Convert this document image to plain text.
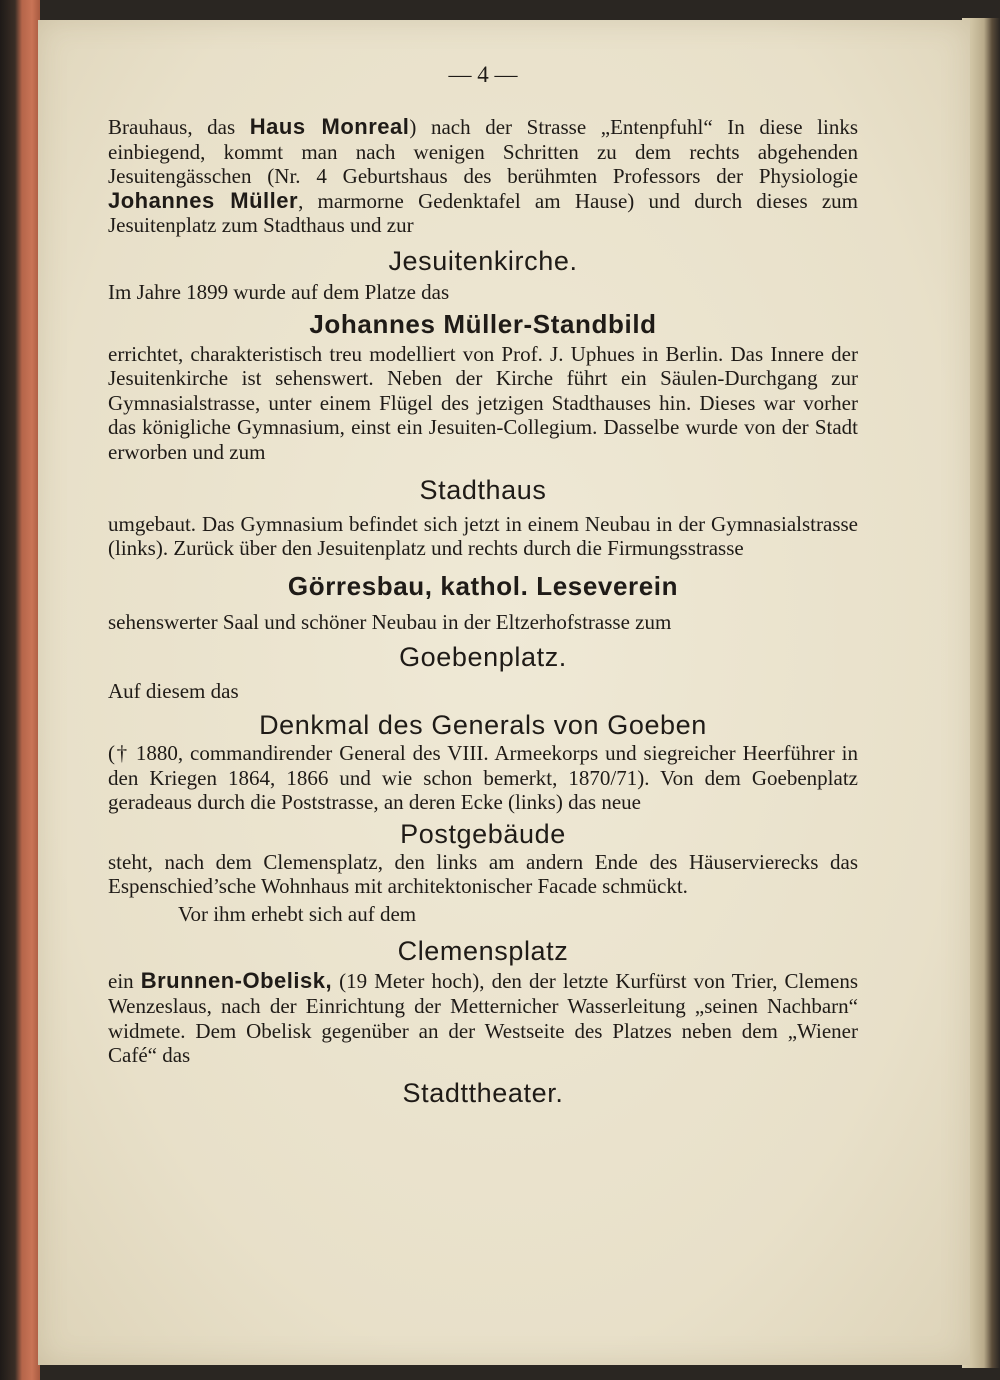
— 4 —

Brauhaus, das Haus Monreal) nach der Strasse „Entenpfuhl“ In diese links einbiegend, kommt man nach wenigen Schritten zu dem rechts abgehenden Jesuitengässchen (Nr. 4 Geburtshaus des berühmten Professors der Physiologie Johannes Müller, marmorne Gedenktafel am Hause) und durch dieses zum Jesuitenplatz zum Stadthaus und zur

Jesuitenkirche.

Im Jahre 1899 wurde auf dem Platze das

Johannes Müller-Standbild

errichtet, charakteristisch treu modelliert von Prof. J. Uphues in Berlin. Das Innere der Jesuitenkirche ist sehenswert. Neben der Kirche führt ein Säulen-Durchgang zur Gymnasialstrasse, unter einem Flügel des jetzigen Stadthauses hin. Dieses war vorher das königliche Gymnasium, einst ein Jesuiten-Collegium. Dasselbe wurde von der Stadt erworben und zum

Stadthaus

umgebaut. Das Gymnasium befindet sich jetzt in einem Neubau in der Gymnasialstrasse (links). Zurück über den Jesuitenplatz und rechts durch die Firmungsstrasse

Görresbau, kathol. Leseverein

sehenswerter Saal und schöner Neubau in der Eltzerhofstrasse zum

Goebenplatz.

Auf diesem das

Denkmal des Generals von Goeben

(† 1880, commandirender General des VIII. Armeekorps und siegreicher Heerführer in den Kriegen 1864, 1866 und wie schon bemerkt, 1870/71). Von dem Goebenplatz geradeaus durch die Poststrasse, an deren Ecke (links) das neue

Postgebäude

steht, nach dem Clemensplatz, den links am andern Ende des Häuservierecks das Espenschied’sche Wohnhaus mit architektonischer Facade schmückt.

Vor ihm erhebt sich auf dem

Clemensplatz

ein Brunnen-Obelisk, (19 Meter hoch), den der letzte Kurfürst von Trier, Clemens Wenzeslaus, nach der Einrichtung der Metternicher Wasserleitung „seinen Nachbarn“ widmete. Dem Obelisk gegenüber an der Westseite des Platzes neben dem „Wiener Café“ das

Stadttheater.
